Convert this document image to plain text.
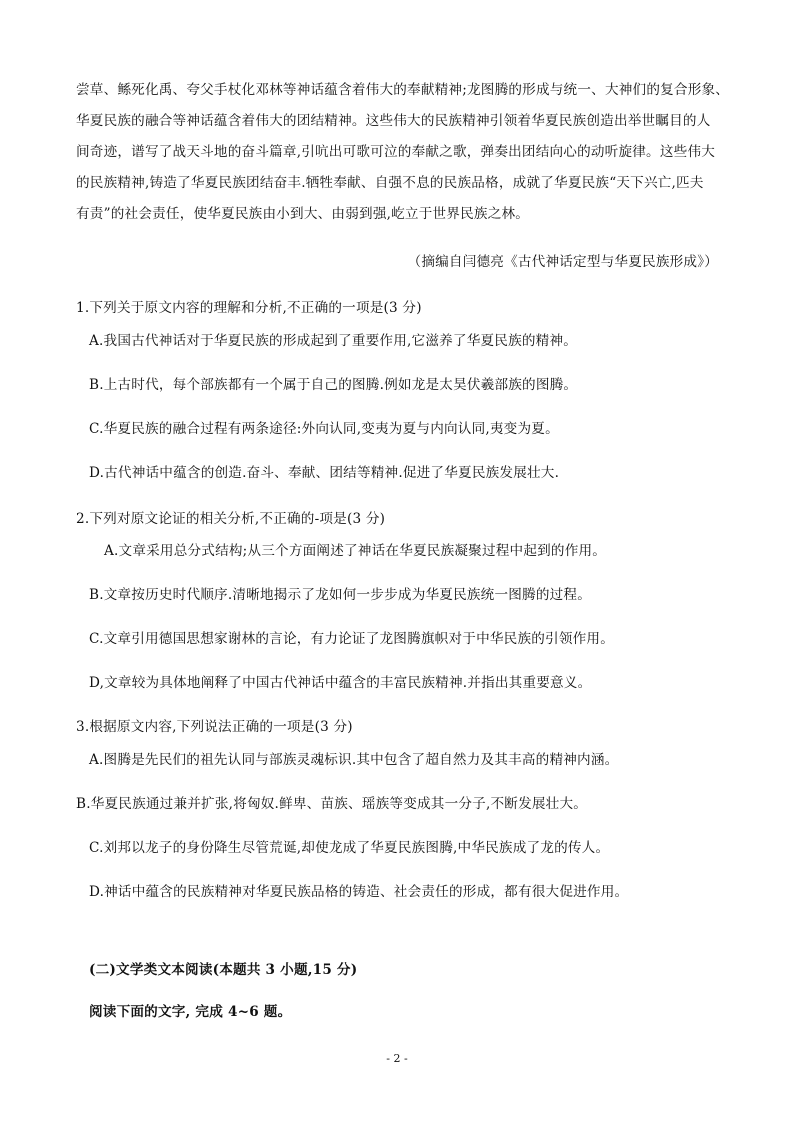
尝草、鲧死化禹、夸父手杖化邓林等神话蕴含着伟大的奉献精神;龙图腾的形成与统一、大神们的复合形象、
华夏民族的融合等神话蕴含着伟大的团结精神。这些伟大的民族精神引领着华夏民族创造出举世瞩目的人
间奇迹，谱写了战天斗地的奋斗篇章,引吭出可歌可泣的奉献之歌，弹奏出团结向心的动听旋律。这些伟大
的民族精神,铸造了华夏民族团结奋丰.牺牲奉献、自强不息的民族品格，成就了华夏民族“天下兴亡,匹夫
有责”的社会责任，使华夏民族由小到大、由弱到强,屹立于世界民族之林。
（摘编自闫德亮《古代神话定型与华夏民族形成》）
1.下列关于原文内容的理解和分析,不正确的一项是(3 分)
A.我国古代神话对于华夏民族的形成起到了重要作用,它滋养了华夏民族的精神。
B.上古时代，每个部族都有一个属于自己的图腾.例如龙是太昊伏羲部族的图腾。
C.华夏民族的融合过程有两条途径:外向认同,变夷为夏与内向认同,夷变为夏。
D.古代神话中蕴含的创造.奋斗、奉献、团结等精神.促进了华夏民族发展壮大.
2.下列对原文论证的相关分析,不正确的-项是(3 分)
A.文章采用总分式结构;从三个方面阐述了神话在华夏民族凝聚过程中起到的作用。
B.文章按历史时代顺序.清晰地揭示了龙如何一步步成为华夏民族统一图腾的过程。
C.文章引用德国思想家谢林的言论，有力论证了龙图腾旗帜对于中华民族的引领作用。
D,文章较为具体地阐释了中国古代神话中蕴含的丰富民族精神.并指出其重要意义。
3.根据原文内容,下列说法正确的一项是(3 分)
A.图腾是先民们的祖先认同与部族灵魂标识.其中包含了超自然力及其丰高的精神内涵。
B.华夏民族通过兼并扩张,将匈奴.鲜卑、苗族、瑶族等变成其一分子,不断发展壮大。
C.刘邦以龙子的身份降生尽管荒诞,却使龙成了华夏民族图腾,中华民族成了龙的传人。
D.神话中蕴含的民族精神对华夏民族品格的铸造、社会责任的形成，都有很大促进作用。
(二)文学类文本阅读(本题共 3 小题,15 分)
阅读下面的文字, 完成 4~6 题。
- 2 -
